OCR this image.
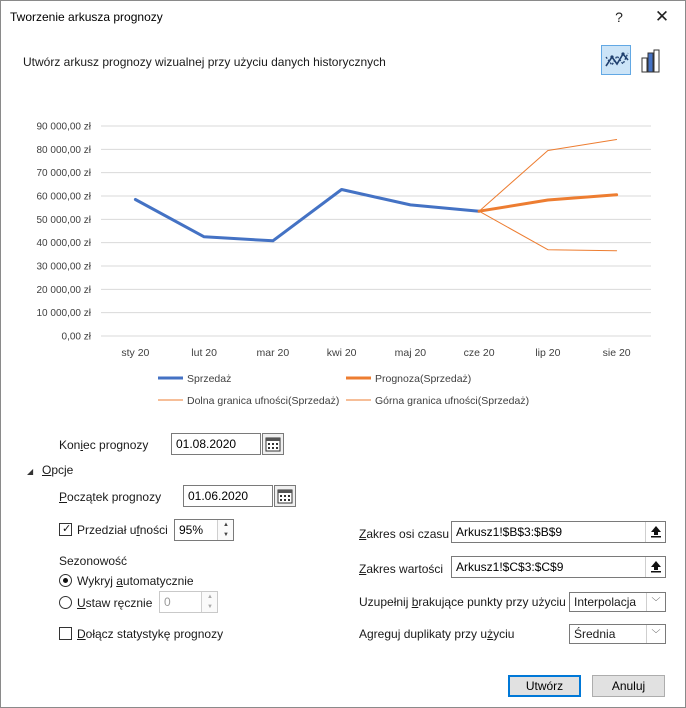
Tworzenie arkusza prognozy	?	✕
Utwórz arkusz prognozy wizualnej przy użyciu danych historycznych
0,00 zł
10 000,00 zł
20 000,00 zł
30 000,00 zł
40 000,00 zł
50 000,00 zł
60 000,00 zł
70 000,00 zł
80 000,00 zł
90 000,00 zł
sty 20	lut 20	mar 20	kwi 20	maj 20	cze 20	lip 20	sie 20
Sprzedaż	Prognoza(Sprzedaż)
Dolna granica ufności(Sprzedaż)	Górna granica ufności(Sprzedaż)
Koniec prognozy	01.08.2020
◢ Opcje
Początek prognozy	01.06.2020
✓ Przedział ufności 95%	▲
▼
Sezonowość
Wykryj automatycznie
Ustaw ręcznie 0	▲
▼
Dołącz statystykę prognozy
Zakres osi czasu Arkusz1!$B$3:$B$9
Zakres wartości	Arkusz1!$C$3:$C$9
Uzupełnij brakujące punkty przy użyciu Interpolacja	﹀
Agreguj duplikaty przy użyciu	Średnia	﹀
Utwórz	Anuluj
